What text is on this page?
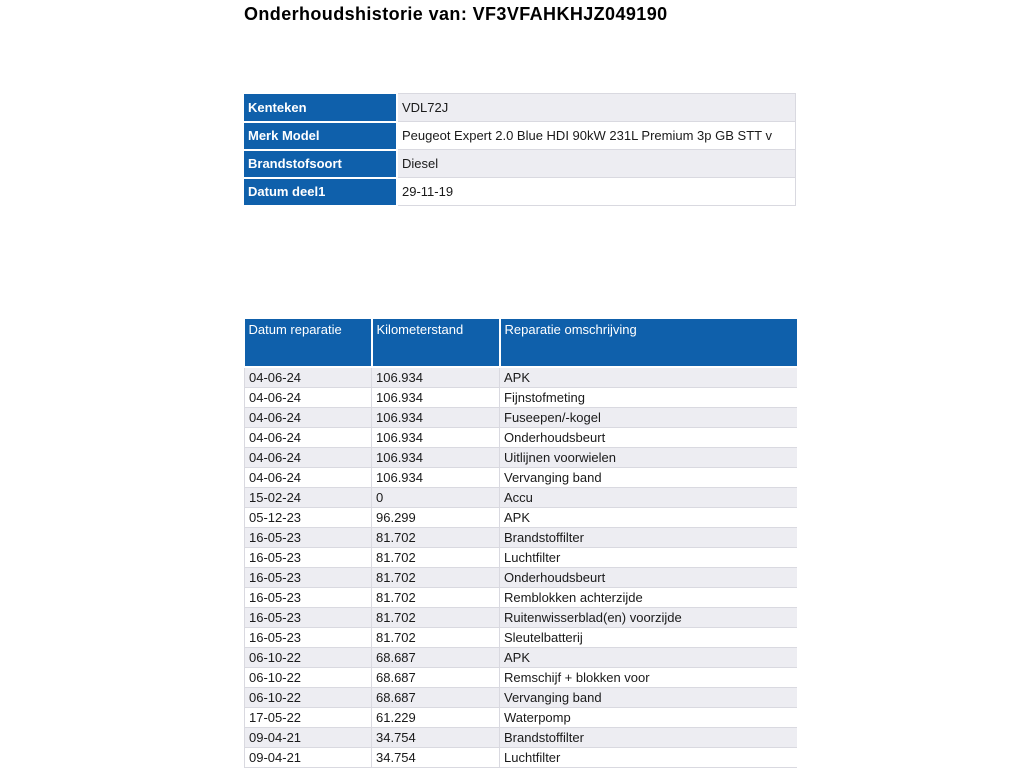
Onderhoudshistorie van: VF3VFAHKHJZ049190
Kenteken	VDL72J
Merk Model	Peugeot Expert 2.0 Blue HDI 90kW 231L Premium 3p GB STT v
Brandstofsoort	Diesel
Datum deel1	29-11-19
Datum reparatie	Kilometerstand	Reparatie omschrijving
04-06-24	106.934	APK
04-06-24	106.934	Fijnstofmeting
04-06-24	106.934	Fuseepen/-kogel
04-06-24	106.934	Onderhoudsbeurt
04-06-24	106.934	Uitlijnen voorwielen
04-06-24	106.934	Vervanging band
15-02-24	0	Accu
05-12-23	96.299	APK
16-05-23	81.702	Brandstoffilter
16-05-23	81.702	Luchtfilter
16-05-23	81.702	Onderhoudsbeurt
16-05-23	81.702	Remblokken achterzijde
16-05-23	81.702	Ruitenwisserblad(en) voorzijde
16-05-23	81.702	Sleutelbatterij
06-10-22	68.687	APK
06-10-22	68.687	Remschijf + blokken voor
06-10-22	68.687	Vervanging band
17-05-22	61.229	Waterpomp
09-04-21	34.754	Brandstoffilter
09-04-21	34.754	Luchtfilter
